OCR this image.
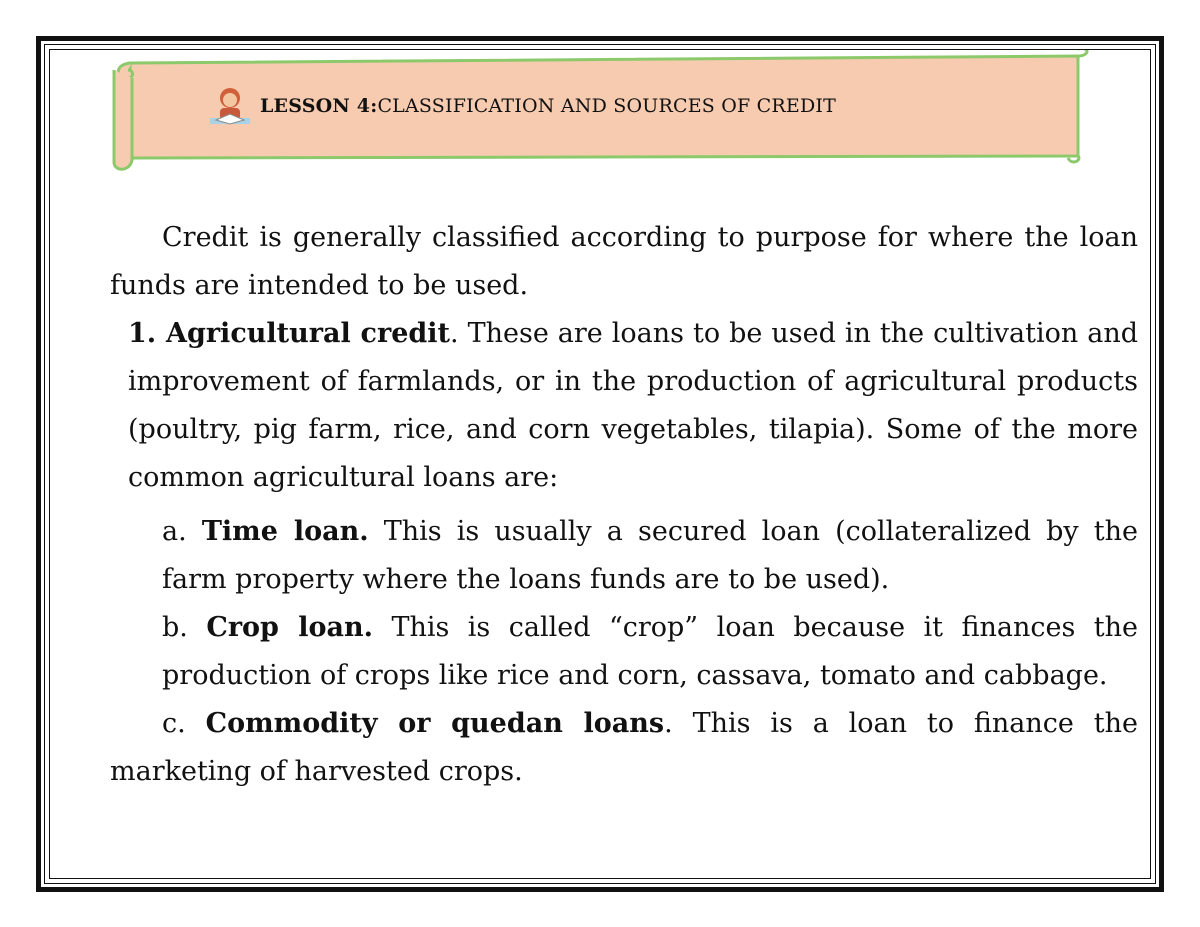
LESSON 4: CLASSIFICATION AND SOURCES OF CREDIT

Credit is generally classified according to purpose for where the loan funds are intended to be used.

1. Agricultural credit. These are loans to be used in the cultivation and improvement of farmlands, or in the production of agricultural products (poultry, pig farm, rice, and corn vegetables, tilapia). Some of the more common agricultural loans are:

a. Time loan. This is usually a secured loan (collateralized by the farm property where the loans funds are to be used).

b. Crop loan. This is called “crop” loan because it finances the production of crops like rice and corn, cassava, tomato and cabbage.

c. Commodity or quedan loans. This is a loan to finance the marketing of harvested crops.
